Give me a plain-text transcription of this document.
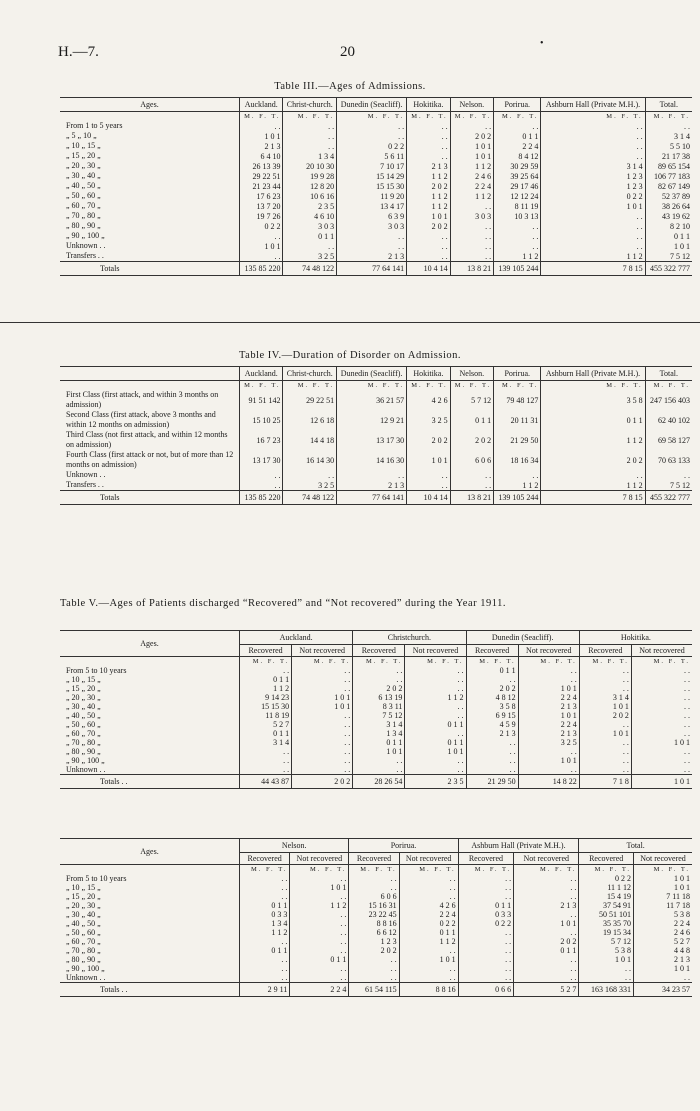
H.—7.	20
•
Table III.—Ages of Admissions.
Ages.	Auckland.	Christ-church.	Dunedin (Seacliff).	Hokitika.	Nelson.	Porirua.	Ashburn Hall (Private M.H.).	Total.
	M. F. T.	M. F. T.	M. F. T.	M. F. T.	M. F. T.	M. F. T.	M. F. T.	M. F. T.
From 1 to 5 years	. .	. .	. .	. .	. .	. .	. .	. .
„ 5 „ 10 „	1 0 1	. .	. .	. .	2 0 2	0 1 1	. .	3 1 4
„ 10 „ 15 „	2 1 3	. .	0 2 2	. .	1 0 1	2 2 4	. .	5 5 10
„ 15 „ 20 „	6 4 10	1 3 4	5 6 11	. .	1 0 1	8 4 12	. .	21 17 38
„ 20 „ 30 „	26 13 39	20 10 30	7 10 17	2 1 3	1 1 2	30 29 59	3 1 4	89 65 154
„ 30 „ 40 „	29 22 51	19 9 28	15 14 29	1 1 2	2 4 6	39 25 64	1 2 3	106 77 183
„ 40 „ 50 „	21 23 44	12 8 20	15 15 30	2 0 2	2 2 4	29 17 46	1 2 3	82 67 149
„ 50 „ 60 „	17 6 23	10 6 16	11 9 20	1 1 2	1 1 2	12 12 24	0 2 2	52 37 89
„ 60 „ 70 „	13 7 20	2 3 5	13 4 17	1 1 2	. .	8 11 19	1 0 1	38 26 64
„ 70 „ 80 „	19 7 26	4 6 10	6 3 9	1 0 1	3 0 3	10 3 13	. .	43 19 62
„ 80 „ 90 „	0 2 2	3 0 3	3 0 3	2 0 2	. .	. .	. .	8 2 10
„ 90 „ 100 „	. .	0 1 1	. .	. .	. .	. .	. .	0 1 1
Unknown . .	1 0 1	. .	. .	. .	. .	. .	. .	1 0 1
Transfers . .	. .	3 2 5	2 1 3	. .	. .	1 1 2	1 1 2	7 5 12
Totals	135 85 220	74 48 122	77 64 141	10 4 14	13 8 21	139 105 244	7 8 15	455 322 777
Table IV.—Duration of Disorder on Admission.
	Auckland.	Christ-church.	Dunedin (Seacliff).	Hokitika.	Nelson.	Porirua.	Ashburn Hall (Private M.H.).	Total.
	M. F. T.	M. F. T.	M. F. T.	M. F. T.	M. F. T.	M. F. T.	M. F. T.	M. F. T.
First Class (first attack, and within 3 months on admission)	91 51 142	29 22 51	36 21 57	4 2 6	5 7 12	79 48 127	3 5 8	247 156 403
Second Class (first attack, above 3 months and within 12 months on admission)	15 10 25	12 6 18	12 9 21	3 2 5	0 1 1	20 11 31	0 1 1	62 40 102
Third Class (not first attack, and within 12 months on admission)	16 7 23	14 4 18	13 17 30	2 0 2	2 0 2	21 29 50	1 1 2	69 58 127
Fourth Class (first attack or not, but of more than 12 months on admission)	13 17 30	16 14 30	14 16 30	1 0 1	6 0 6	18 16 34	2 0 2	70 63 133
Unknown . .	. .	. .	. .	. .	. .	. .	. .	. .
Transfers . .	. .	3 2 5	2 1 3	. .	. .	1 1 2	1 1 2	7 5 12
Totals	135 85 220	74 48 122	77 64 141	10 4 14	13 8 21	139 105 244	7 8 15	455 322 777
Table V.—Ages of Patients discharged “Recovered” and “Not recovered” during the Year 1911.
Ages.	Auckland.		Christchurch.		Dunedin (Seacliff).		Hokitika.	
	Recovered	Not recovered	Recovered	Not recovered	Recovered	Not recovered	Recovered	Not recovered
	M. F. T.	M. F. T.	M. F. T.	M. F. T.	M. F. T.	M. F. T.	M. F. T.	M. F. T.
From 5 to 10 years	. .	. .	. .	. .	0 1 1	. .	. .	. .
„ 10 „ 15 „	0 1 1	. .	. .	. .	. .	. .	. .	. .
„ 15 „ 20 „	1 1 2	. .	2 0 2	. .	2 0 2	1 0 1	. .	. .
„ 20 „ 30 „	9 14 23	1 0 1	6 13 19	1 1 2	4 8 12	2 2 4	3 1 4	. .
„ 30 „ 40 „	15 15 30	1 0 1	8 3 11	. .	3 5 8	2 1 3	1 0 1	. .
„ 40 „ 50 „	11 8 19	. .	7 5 12	. .	6 9 15	1 0 1	2 0 2	. .
„ 50 „ 60 „	5 2 7	. .	3 1 4	0 1 1	4 5 9	2 2 4	. .	. .
„ 60 „ 70 „	0 1 1	. .	1 3 4	. .	2 1 3	2 1 3	1 0 1	. .
„ 70 „ 80 „	3 1 4	. .	0 1 1	0 1 1	. .	3 2 5	. .	1 0 1
„ 80 „ 90 „	. .	. .	1 0 1	1 0 1	. .	. .	. .	. .
„ 90 „ 100 „	. .	. .	. .	. .	. .	1 0 1	. .	. .
Unknown . .	. .	. .	. .	. .	. .	. .	. .	. .
Totals . .	44 43 87	2 0 2	28 26 54	2 3 5	21 29 50	14 8 22	7 1 8	1 0 1
Ages.	Nelson.		Porirua.		Ashburn Hall (Private M.H.).		Total.	
	Recovered	Not recovered	Recovered	Not recovered	Recovered	Not recovered	Recovered	Not recovered
	M. F. T.	M. F. T.	M. F. T.	M. F. T.	M. F. T.	M. F. T.	M. F. T.	M. F. T.
From 5 to 10 years	. .	. .	. .	. .	. .	. .	0 2 2	1 0 1
„ 10 „ 15 „	. .	1 0 1	. .	. .	. .	. .	11 1 12	1 0 1
„ 15 „ 20 „	. .	. .	6 0 6	. .	. .	. .	15 4 19	7 11 18
„ 20 „ 30 „	0 1 1	1 1 2	15 16 31	4 2 6	0 1 1	2 1 3	37 54 91	11 7 18
„ 30 „ 40 „	0 3 3	. .	23 22 45	2 2 4	0 3 3	. .	50 51 101	5 3 8
„ 40 „ 50 „	1 3 4	. .	8 8 16	0 2 2	0 2 2	1 0 1	35 35 70	2 2 4
„ 50 „ 60 „	1 1 2	. .	6 6 12	0 1 1	. .	. .	19 15 34	2 4 6
„ 60 „ 70 „	. .	. .	1 2 3	1 1 2	. .	2 0 2	5 7 12	5 2 7
„ 70 „ 80 „	0 1 1	. .	2 0 2	. .	. .	0 1 1	5 3 8	4 4 8
„ 80 „ 90 „	. .	0 1 1	. .	1 0 1	. .	. .	1 0 1	2 1 3
„ 90 „ 100 „	. .	. .	. .	. .	. .	. .	. .	1 0 1
Unknown . .	. .	. .	. .	. .	. .	. .	. .	. .
Totals . .	2 9 11	2 2 4	61 54 115	8 8 16	0 6 6	5 2 7	163 168 331	34 23 57
